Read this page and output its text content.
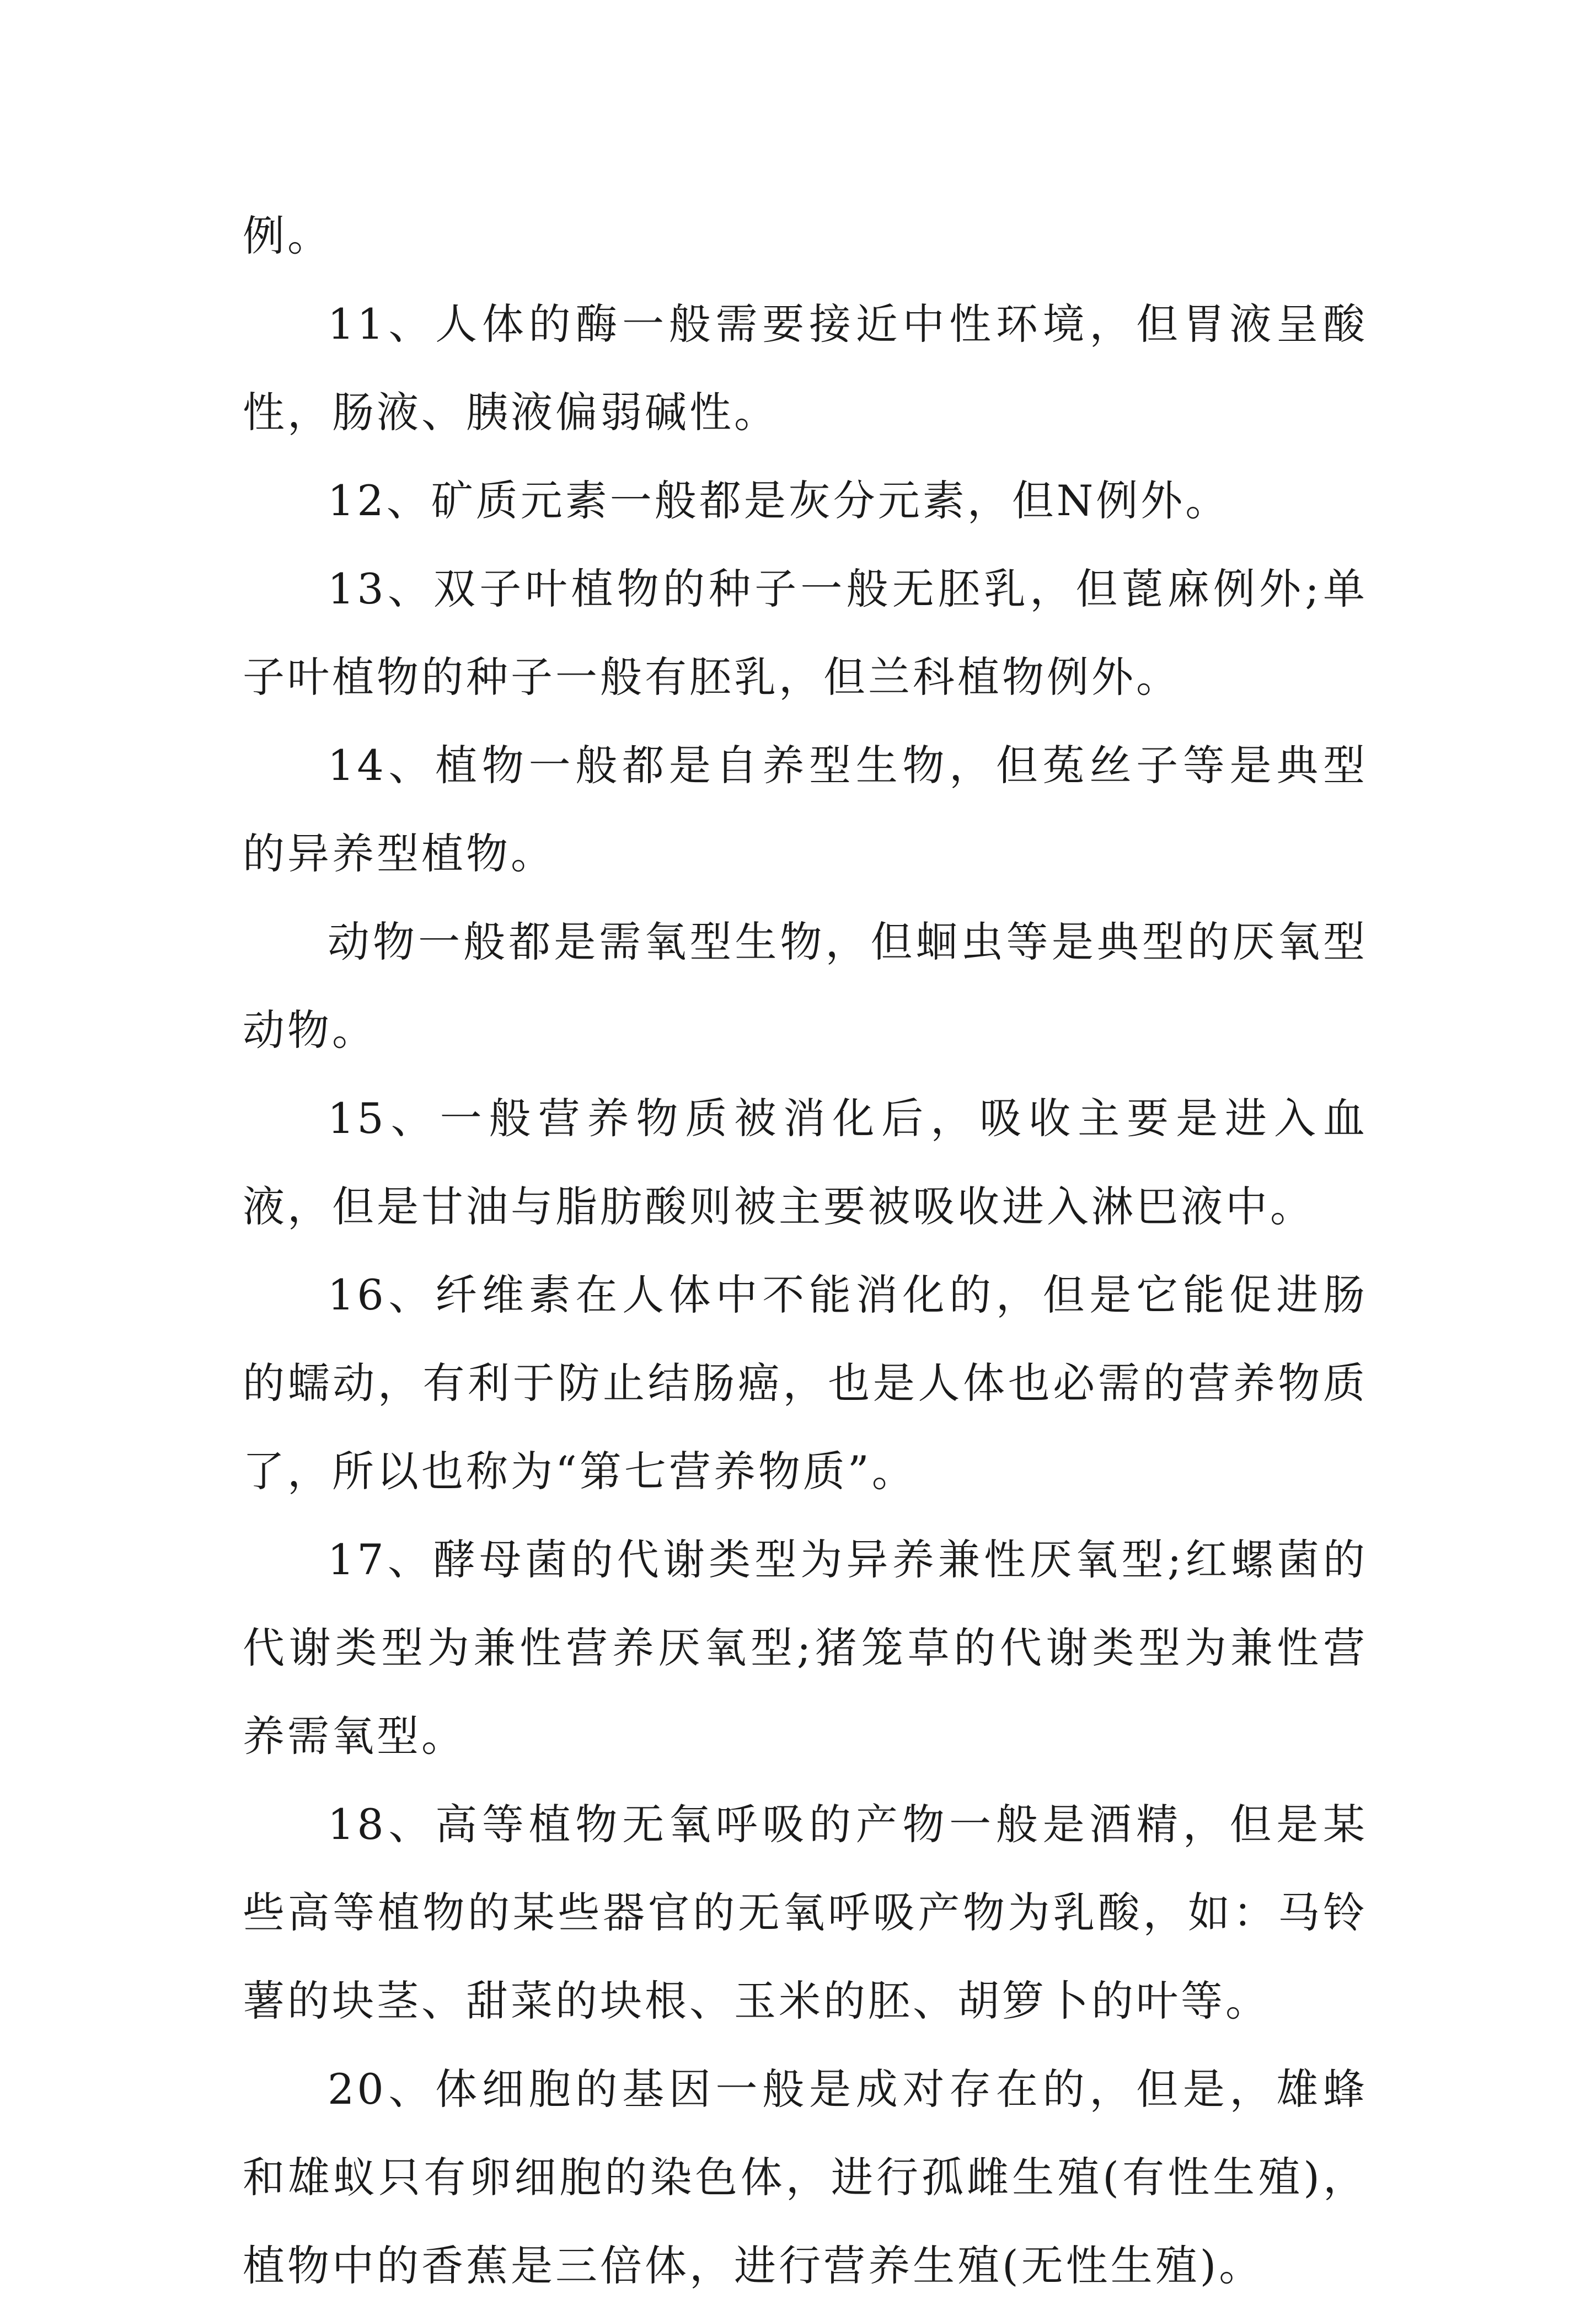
例。

11、人体的酶一般需要接近中性环境，但胃液呈酸性，肠液、胰液偏弱碱性。

12、矿质元素一般都是灰分元素，但N例外。

13、双子叶植物的种子一般无胚乳，但蓖麻例外;单子叶植物的种子一般有胚乳，但兰科植物例外。

14、植物一般都是自养型生物，但菟丝子等是典型的异养型植物。

动物一般都是需氧型生物，但蛔虫等是典型的厌氧型动物。

15、一般营养物质被消化后，吸收主要是进入血液，但是甘油与脂肪酸则被主要被吸收进入淋巴液中。

16、纤维素在人体中不能消化的，但是它能促进肠的蠕动，有利于防止结肠癌，也是人体也必需的营养物质了，所以也称为“第七营养物质”。

17、酵母菌的代谢类型为异养兼性厌氧型;红螺菌的代谢类型为兼性营养厌氧型;猪笼草的代谢类型为兼性营养需氧型。

18、高等植物无氧呼吸的产物一般是酒精，但是某些高等植物的某些器官的无氧呼吸产物为乳酸，如：马铃薯的块茎、甜菜的块根、玉米的胚、胡箩卜的叶等。

20、体细胞的基因一般是成对存在的，但是，雄蜂和雄蚁只有卵细胞的染色体，进行孤雌生殖(有性生殖)，植物中的香蕉是三倍体，进行营养生殖(无性生殖)。
